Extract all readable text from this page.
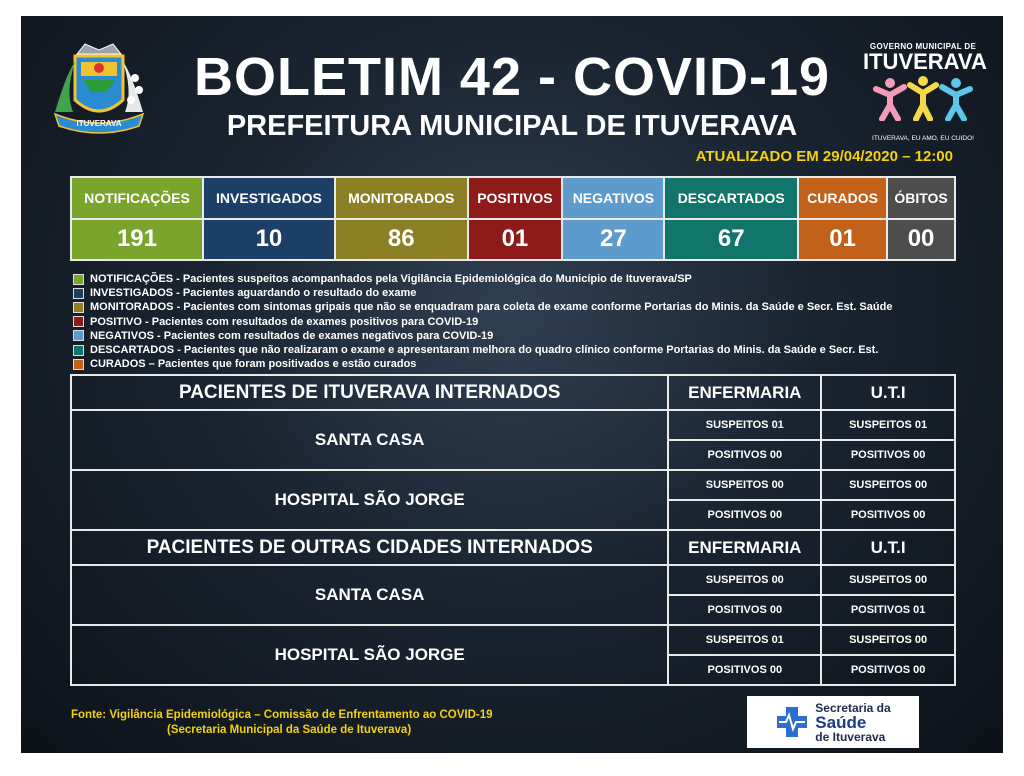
ITUVERAVA
BOLETIM 42 - COVID-19
PREFEITURA MUNICIPAL DE ITUVERAVA
ATUALIZADO EM 29/04/2020 – 12:00
GOVERNO MUNICIPAL DE
ITUVERAVA
ITUVERAVA, EU AMO, EU CUIDO!
NOTIFICAÇÕES	INVESTIGADOS	MONITORADOS	POSITIVOS	NEGATIVOS	DESCARTADOS	CURADOS	ÓBITOS
191	10	86	01	27	67	01	00
NOTIFICAÇÕES - Pacientes suspeitos acompanhados pela Vigilância Epidemiológica do Município de Ituverava/SP
INVESTIGADOS - Pacientes aguardando o resultado do exame
MONITORADOS - Pacientes com sintomas gripais que não se enquadram para coleta de exame conforme Portarias do Minis. da Saúde e Secr. Est. Saúde
POSITIVO - Pacientes com resultados de exames positivos para COVID-19
NEGATIVOS - Pacientes com resultados de exames negativos para COVID-19
DESCARTADOS - Pacientes que não realizaram o exame e apresentaram melhora do quadro clínico conforme Portarias do Minis. da Saúde e Secr. Est.
CURADOS – Pacientes que foram positivados e estão curados
PACIENTES DE ITUVERAVA INTERNADOS	ENFERMARIA	U.T.I
SANTA CASA	SUSPEITOS 01	SUSPEITOS 01
	POSITIVOS 00	POSITIVOS 00
HOSPITAL SÃO JORGE	SUSPEITOS 00	SUSPEITOS 00
	POSITIVOS 00	POSITIVOS 00
PACIENTES DE OUTRAS CIDADES INTERNADOS	ENFERMARIA	U.T.I
SANTA CASA	SUSPEITOS 00	SUSPEITOS 00
	POSITIVOS 00	POSITIVOS 01
HOSPITAL SÃO JORGE	SUSPEITOS 01	SUSPEITOS 00
	POSITIVOS 00	POSITIVOS 00
Fonte: Vigilância Epidemiológica – Comissão de Enfrentamento ao COVID-19
(Secretaria Municipal da Saúde de Ituverava)
Secretaria da
Saúde
de Ituverava
